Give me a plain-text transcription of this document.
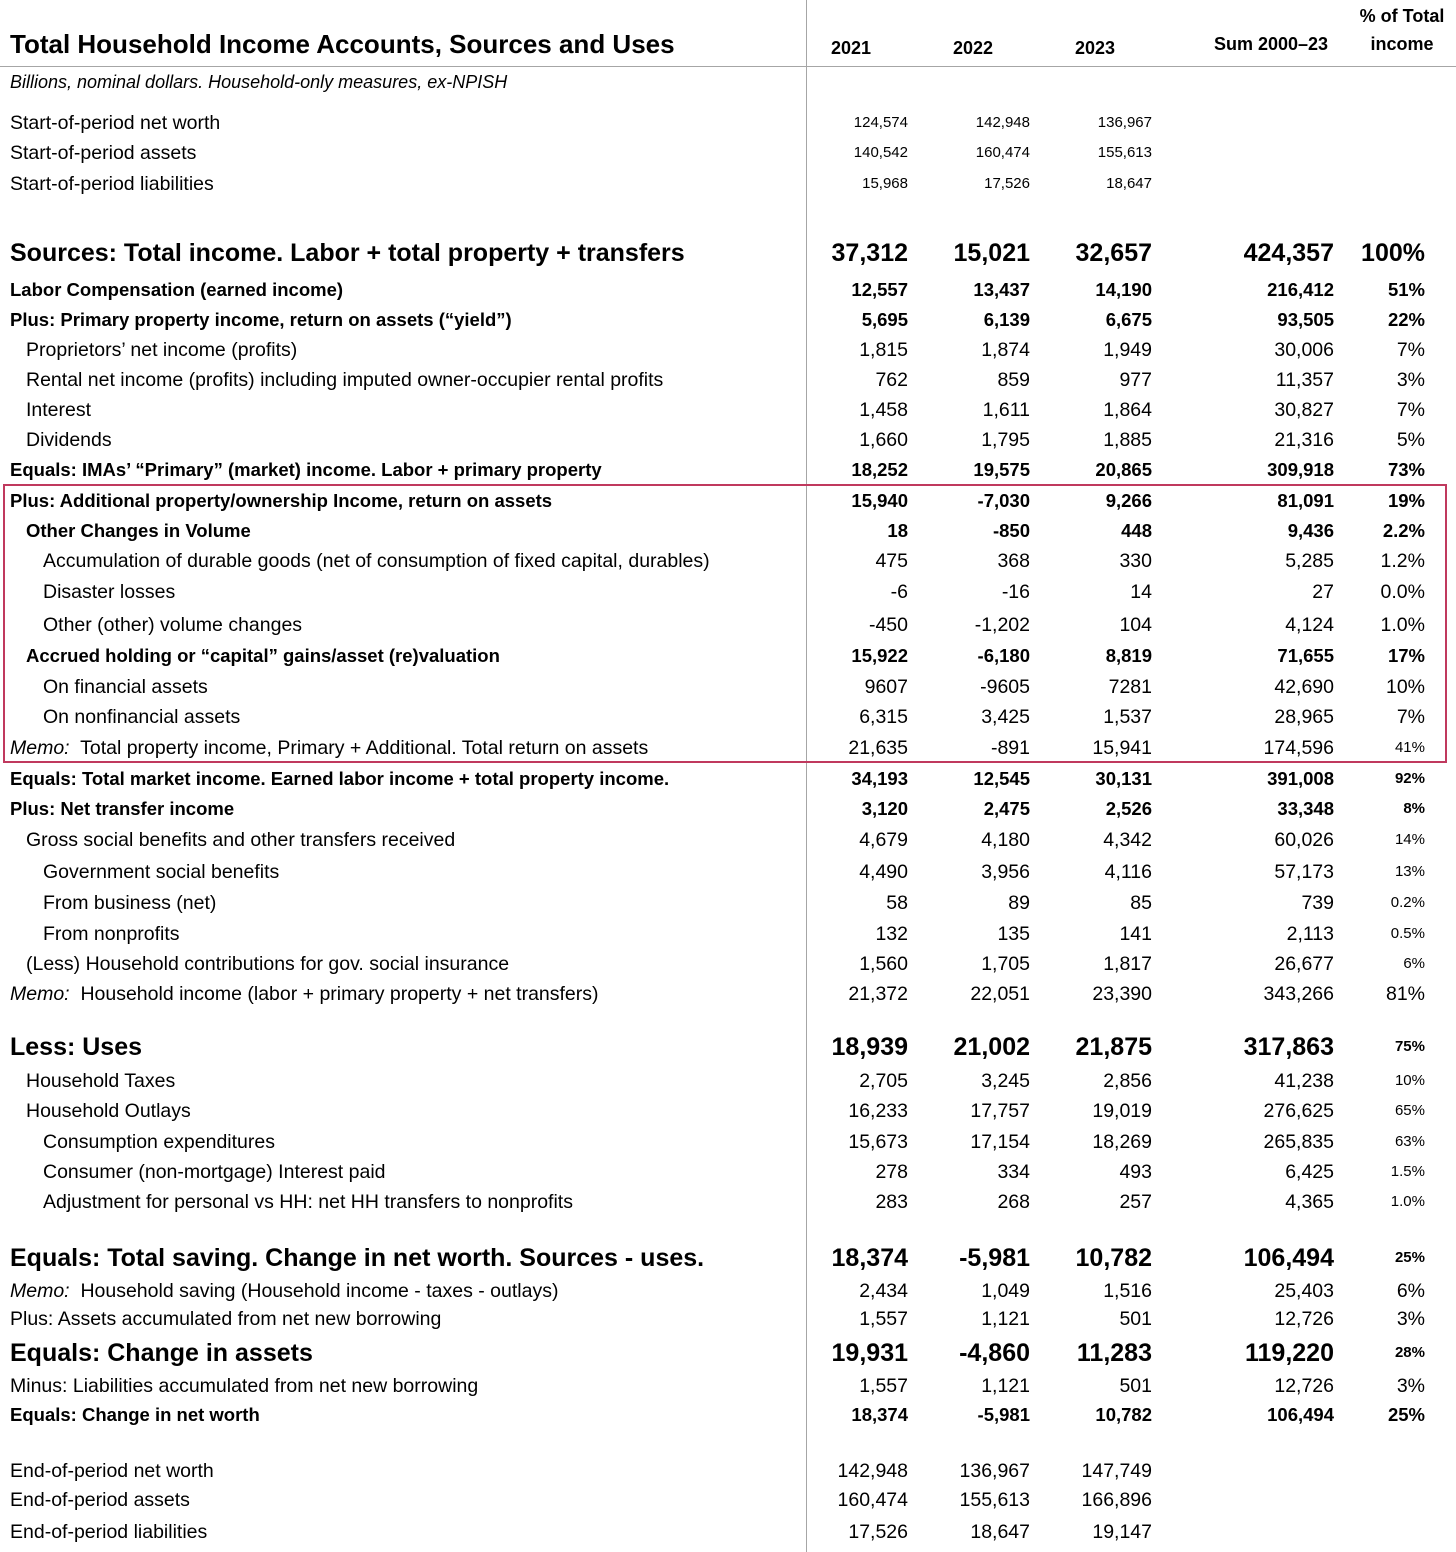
Total Household Income Accounts, Sources and Uses
Billions, nominal dollars. Household-only measures, ex-NPISH
2021	2022	2023	Sum 2000–23
% of Total
income
Start-of-period net worth	124,574	142,948	136,967
Start-of-period assets	140,542	160,474	155,613
Start-of-period liabilities	15,968	17,526	18,647
Sources: Total income. Labor + total property + transfers	37,312 15,021 32,657	424,357 100%
Labor Compensation (earned income)	12,557	13,437	14,190	216,412	51%
Plus: Primary property income, return on assets (“yield”)	5,695	6,139	6,675	93,505	22%
Proprietors’ net income (profits)	1,815	1,874	1,949	30,006	7%
Rental net income (profits) including imputed owner-occupier rental profits	762	859	977	11,357	3%
Interest	1,458	1,611	1,864	30,827	7%
Dividends	1,660	1,795	1,885	21,316	5%
Equals: IMAs’ “Primary” (market) income. Labor + primary property	18,252	19,575	20,865	309,918	73%
Plus: Additional property/ownership Income, return on assets	15,940	-7,030	9,266	81,091	19%
Other Changes in Volume	18	-850	448	9,436	2.2%
Accumulation of durable goods (net of consumption of fixed capital, durables)	475	368	330	5,285 1.2%
Disaster losses	-6	-16	14	27 0.0%
Other (other) volume changes	-450	-1,202	104	4,124 1.0%
Accrued holding or “capital” gains/asset (re)valuation	15,922	-6,180	8,819	71,655	17%
On financial assets	9607	-9605	7281	42,690	10%
On nonfinancial assets	6,315	3,425	1,537	28,965	7%
Memo:  Total property income, Primary + Additional. Total return on assets	21,635	-891	15,941	174,596	41%
Equals: Total market income. Earned labor income + total property income.	34,193	12,545	30,131	391,008	92%
Plus: Net transfer income	3,120	2,475	2,526	33,348	8%
Gross social benefits and other transfers received	4,679	4,180	4,342	60,026	14%
Government social benefits	4,490	3,956	4,116	57,173	13%
From business (net)	58	89	85	739	0.2%
From nonprofits	132	135	141	2,113	0.5%
(Less) Household contributions for gov. social insurance	1,560	1,705	1,817	26,677	6%
Memo:  Household income (labor + primary property + net transfers)	21,372	22,051	23,390	343,266	81%
Less: Uses	18,939 21,002 21,875	317,863	75%
Household Taxes	2,705	3,245	2,856	41,238	10%
Household Outlays	16,233	17,757	19,019	276,625	65%
Consumption expenditures	15,673	17,154	18,269	265,835	63%
Consumer (non-mortgage) Interest paid	278	334	493	6,425	1.5%
Adjustment for personal vs HH: net HH transfers to nonprofits	283	268	257	4,365	1.0%
Equals: Total saving. Change in net worth. Sources - uses.	18,374 -5,981 10,782	106,494	25%
Memo:  Household saving (Household income - taxes - outlays)	2,434	1,049	1,516	25,403	6%
Plus: Assets accumulated from net new borrowing	1,557	1,121	501	12,726	3%
Equals: Change in assets	19,931 -4,860 11,283	119,220	28%
Minus: Liabilities accumulated from net new borrowing	1,557	1,121	501	12,726	3%
Equals: Change in net worth	18,374	-5,981	10,782	106,494	25%
End-of-period net worth	142,948	136,967	147,749
End-of-period assets	160,474	155,613	166,896
End-of-period liabilities	17,526	18,647	19,147
